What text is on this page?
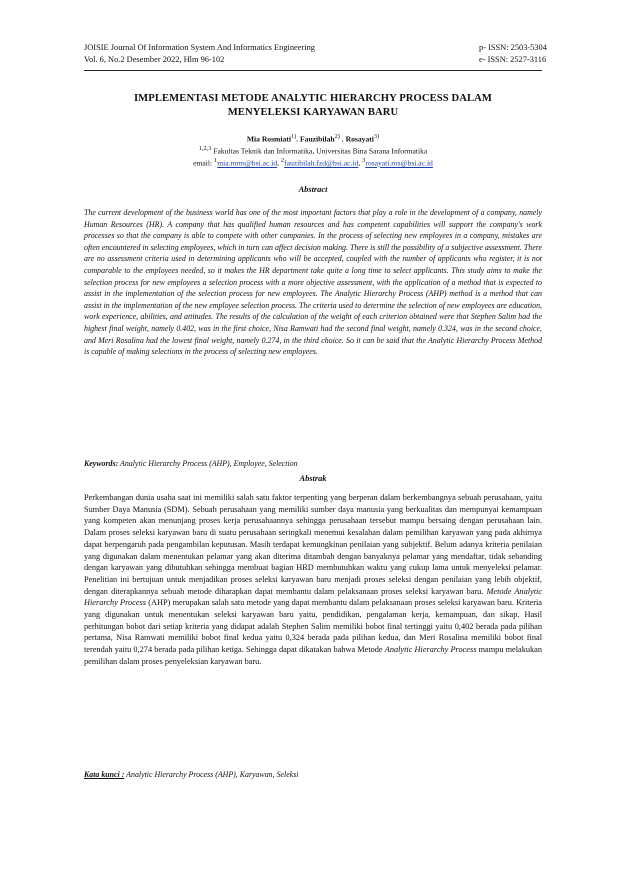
JOISIE Journal Of Information System And Informatics Engineering
Vol. 6, No.2 Desember 2022, Hlm 96-102
p- ISSN: 2503-5304
e- ISSN: 2527-3116
IMPLEMENTASI METODE ANALYTIC HIERARCHY PROCESS DALAM
MENYELEKSI KARYAWAN BARU
Mia Rosmiati$^{1)}$, Fauzibilah$^{2)}$ , Rosayati$^{3)}$
$^{1,2,3}$ Fakultas Teknik dan Informatika, Universitas Bina Sarana Informatika
email: $^1$mia.mrm@bsi.ac.id, $^2$fauzibilah.fzd@bsi.ac.id, $^3$rosayati.ros@bsi.ac.id
Abstract
The current development of the business world has one of the most important factors that play a role in the development of a company, namely Human Resources (HR). A company that has qualified human resources and has competent capabilities will support the company's work processes so that the company is able to compete with other companies. In the process of selecting new employees in a company, mistakes are often encountered in selecting employees, which in turn can affect decision making. There is still the possibility of a subjective assessment. There are no assessment criteria used in determining applicants who will be accepted, coupled with the number of applicants who register, it is not comparable to the employees needed, so it makes the HR department take quite a long time to select applicants. This study aims to make the selection process for new employees a selection process with a more objective assessment, with the application of a method that is expected to assist in the implementation of the selection process for new employees. The Analytic Hierarchy Process (AHP) method is a method that can assist in the implementation of the new employee selection process. The criteria used to determine the selection of new employees are education, work experience, abilities, and attitudes. The results of the calculation of the weight of each criterion obtained were that Stephen Salim had the highest final weight, namely 0.402, was in the first choice, Nisa Ramwati had the second final weight, namely 0.324, was in the second choice, and Meri Rosalina had the lowest final weight, namely 0.274, in the third choice. So it can be said that the Analytic Hierarchy Process Method is capable of making selections in the process of selecting new employees.
Keywords: Analytic Hierarchy Process (AHP), Employee, Selection
Abstrak
Perkembangan dunia usaha saat ini memiliki salah satu faktor terpenting yang berperan dalam berkembangnya sebuah perusahaan, yaitu Sumber Daya Manusia (SDM). Sebuah perusahaan yang memiliki sumber daya manusia yang berkualitas dan mempunyai kemampuan yang kompeten akan menunjang proses kerja perusahaannya sehingga perusahaan tersebut mampu bersaing dengan perusahaan lain. Dalam proses seleksi karyawan baru di suatu perusahaan seringkali menemui kesalahan dalam pemilihan karyawan yang pada akhirnya dapat berpengaruh pada pengambilan keputusan. Masih terdapat kemungkinan penilaian yang subjektif. Belum adanya kriteria penilaian yang digunakan dalam menentukan pelamar yang akan diterima ditambah dengan banyaknya pelamar yang mendaftar, tidak sebanding dengan karyawan yang dibutuhkan sehingga membuat bagian HRD membutuhkan waktu yang cukup lama untuk menyeleksi pelamar. Penelitian ini bertujuan untuk menjadikan proses seleksi karyawan baru menjadi proses seleksi dengan penilaian yang lebih objektif, dengan diterapkannya sebuah metode diharapkan dapat membantu dalam pelaksanaan proses seleksi karyawan baru. Metode Analytic Hierarchy Process (AHP) merupakan salah satu metode yang dapat membantu dalam pelaksanaan proses seleksi karyawan baru. Kriteria yang digunakan untuk menentukan seleksi karyawan baru yaitu, pendidikan, pengalaman kerja, kemampuan, dan sikap. Hasil perhitungan bobot dari setiap kriteria yang didapat adalah Stephen Salim memiliki bobot final tertinggi yaitu 0,402 berada pada pilihan pertama, Nisa Ramwati memiliki bobot final kedua yaitu 0,324 berada pada pilihan kedua, dan Meri Rosalina memiliki bobot final terendah yaitu 0,274 berada pada pilihan ketiga. Sehingga dapat dikatakan bahwa Metode Analytic Hierarchy Process mampu melakukan pemilihan dalam proses penyeleksian karyawan baru.
Kata kunci : Analytic Hierarchy Process (AHP), Karyawan, Seleksi
